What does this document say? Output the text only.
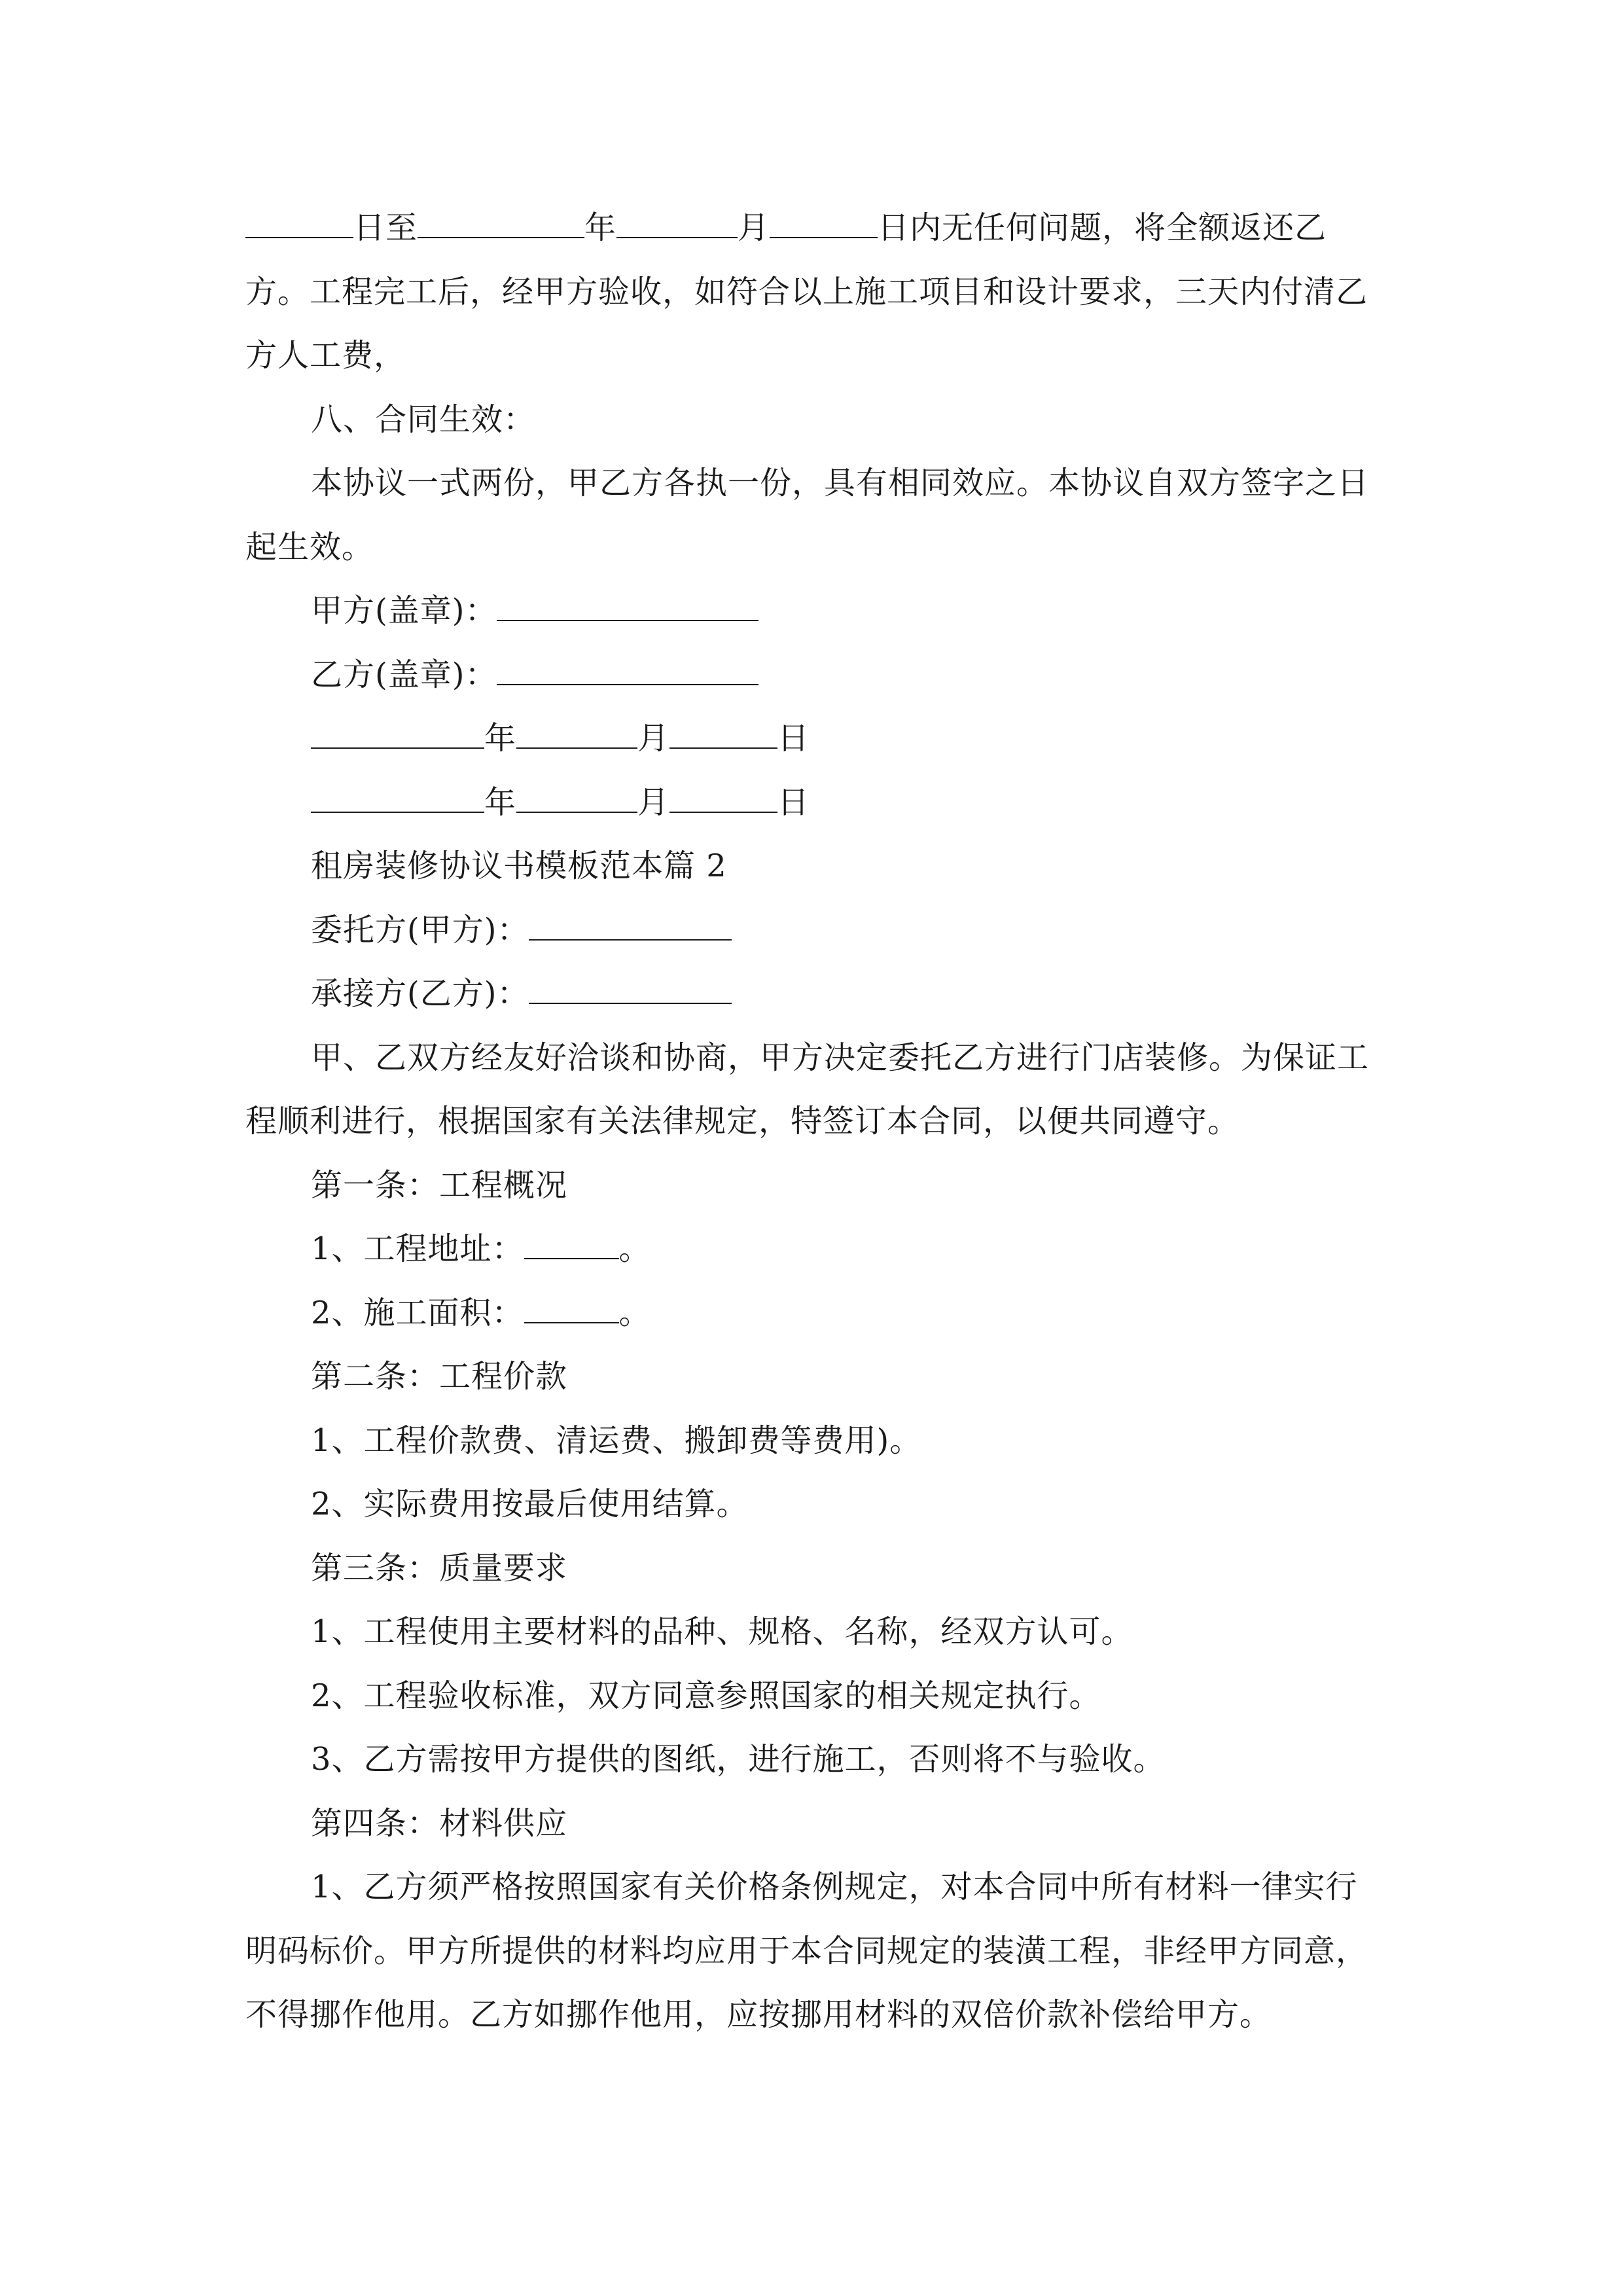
日至	年	月	日内无任何问题，将全额返还乙
方。工程完工后，经甲方验收，如符合以上施工项目和设计要求，三天内付清乙
方人工费，
八、合同生效：
本协议一式两份，甲乙方各执一份，具有相同效应。本协议自双方签字之日
起生效。
甲方(盖章)：
乙方(盖章)：
年	月	日
年	月	日
租房装修协议书模板范本篇 2
委托方(甲方)：
承接方(乙方)：
甲、乙双方经友好洽谈和协商，甲方决定委托乙方进行门店装修。为保证工
程顺利进行，根据国家有关法律规定，特签订本合同，以便共同遵守。
第一条：工程概况
1、工程地址：	。
2、施工面积：	。
第二条：工程价款
1、工程价款费、清运费、搬卸费等费用)。
2、实际费用按最后使用结算。
第三条：质量要求
1、工程使用主要材料的品种、规格、名称，经双方认可。
2、工程验收标准，双方同意参照国家的相关规定执行。
3、乙方需按甲方提供的图纸，进行施工，否则将不与验收。
第四条：材料供应
1、乙方须严格按照国家有关价格条例规定，对本合同中所有材料一律实行
明码标价。甲方所提供的材料均应用于本合同规定的装潢工程，非经甲方同意，
不得挪作他用。乙方如挪作他用，应按挪用材料的双倍价款补偿给甲方。
